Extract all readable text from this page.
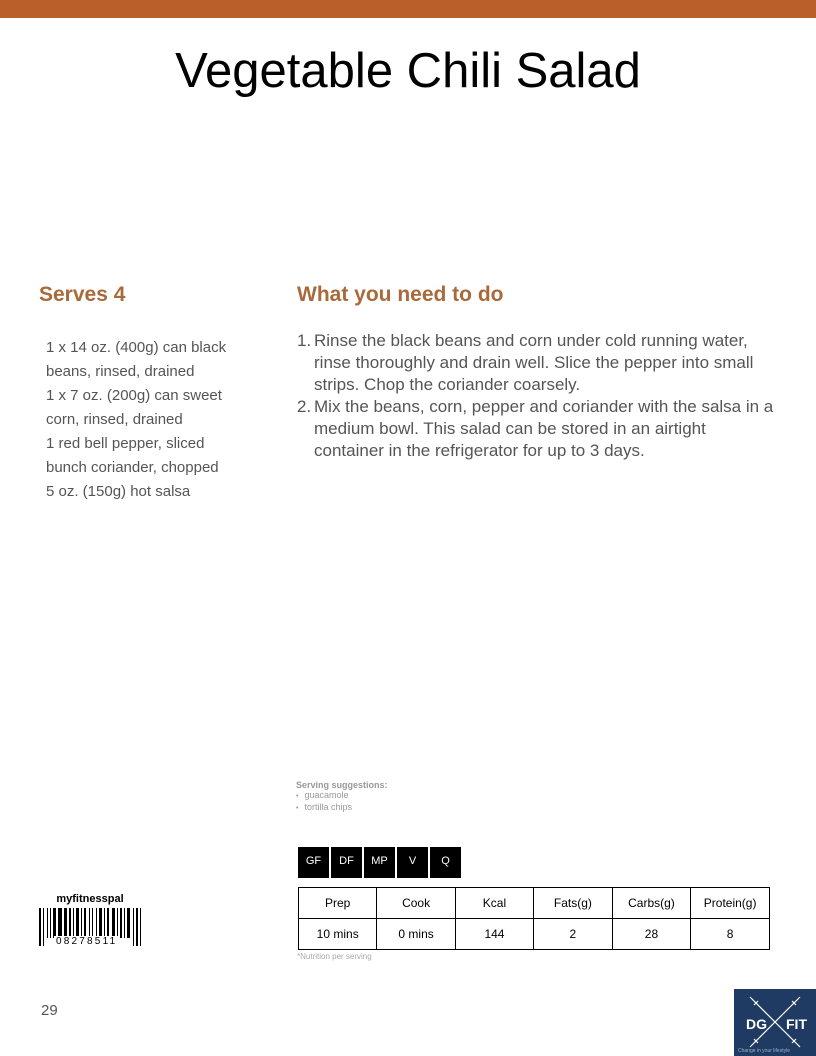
Vegetable Chili Salad
Serves 4
1 x 14 oz. (400g) can black
beans, rinsed, drained
1 x 7 oz. (200g) can sweet
corn, rinsed, drained
1 red bell pepper, sliced
bunch coriander, chopped
5 oz. (150g) hot salsa
What you need to do
1. Rinse the black beans and corn under cold running water, rinse thoroughly and drain well. Slice the pepper into small strips. Chop the coriander coarsely.
2. Mix the beans, corn, pepper and coriander with the salsa in a medium bowl. This salad can be stored in an airtight container in the refrigerator for up to 3 days.
Serving suggestions:
• guacamole
• tortilla chips
GF	DF	MP	V	Q
Prep	Cook	Kcal	Fats(g)	Carbs(g)	Protein(g)
10 mins	0 mins	144	2	28	8
*Nutrition per serving
myfitnesspal
08278511
29
DG FIT
Change in your lifestyle
